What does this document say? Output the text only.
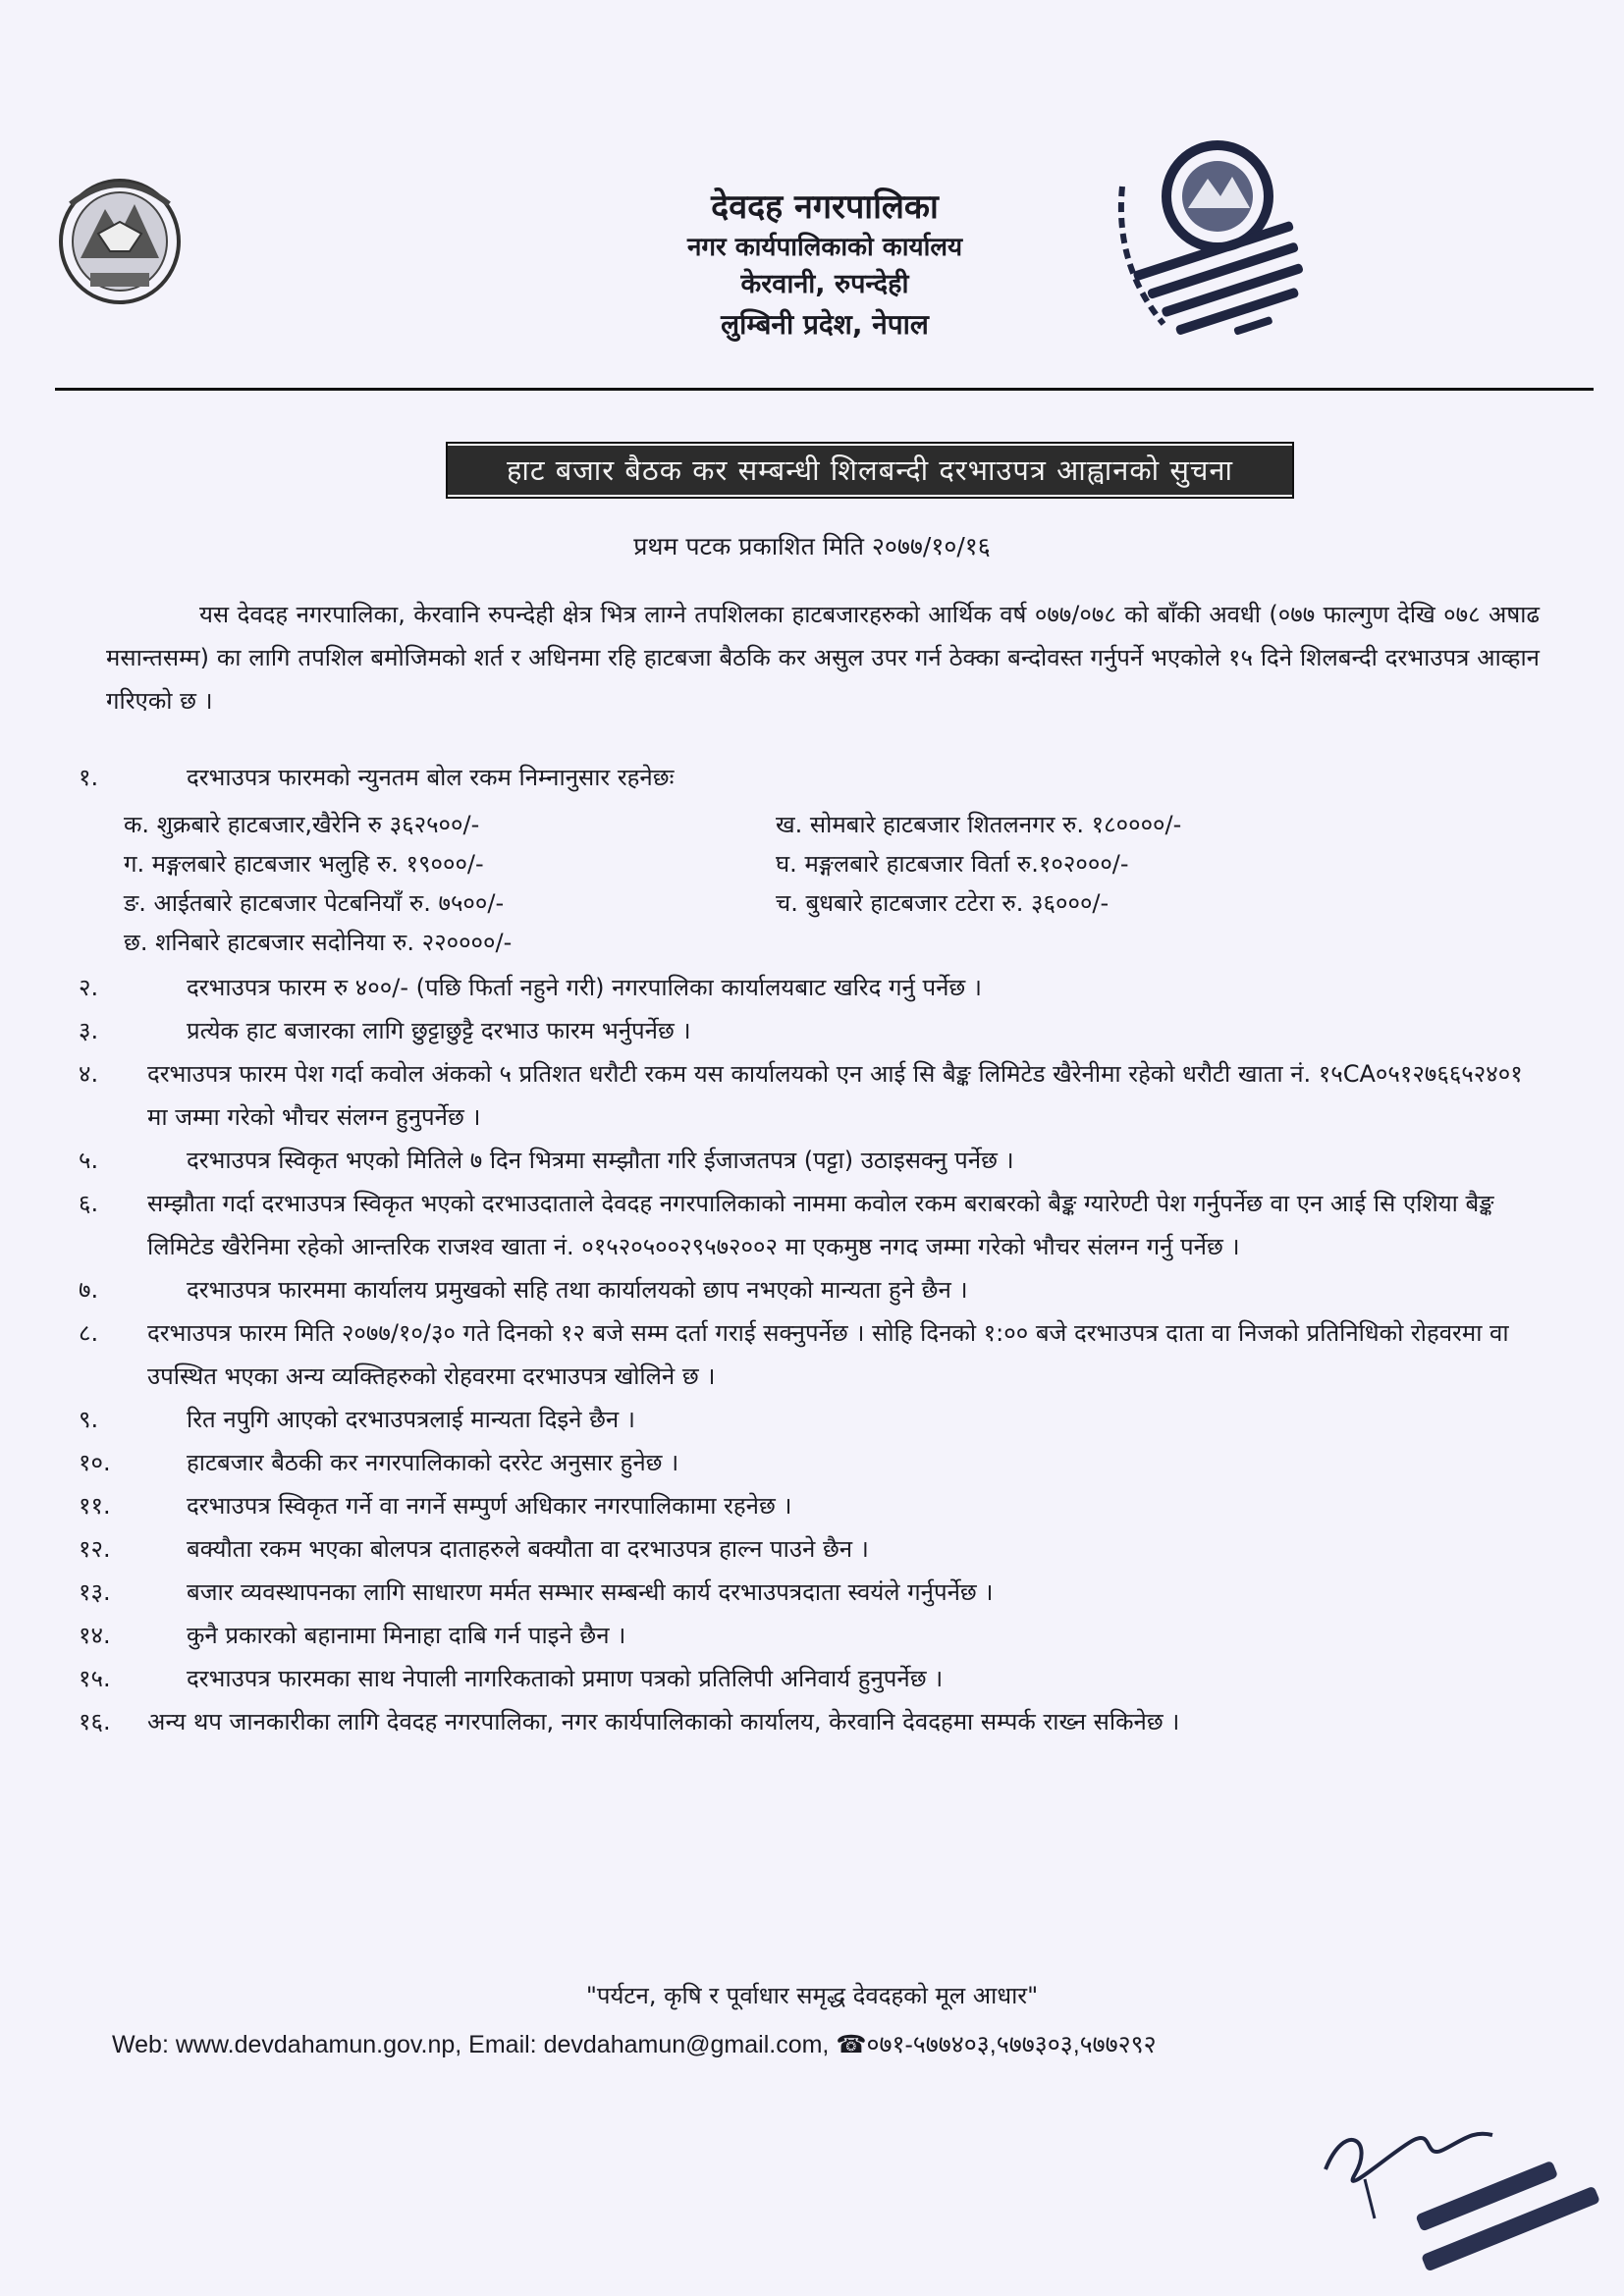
देवदह नगरपालिका
नगर कार्यपालिकाको कार्यालय
केरवानी, रुपन्देही
लुम्बिनी प्रदेश, नेपाल
हाट बजार बैठक कर सम्बन्धी शिलबन्दी दरभाउपत्र आह्वानको सुचना
प्रथम पटक प्रकाशित मिति २०७७/१०/१६
यस देवदह नगरपालिका, केरवानि रुपन्देही क्षेत्र भित्र लाग्ने तपशिलका हाटबजारहरुको आर्थिक वर्ष ०७७/०७८ को बाँकी अवधी (०७७ फाल्गुण देखि ०७८ अषाढ मसान्तसम्म) का लागि तपशिल बमोजिमको शर्त र अधिनमा रहि हाटबजा बैठकि कर असुल उपर गर्न ठेक्का बन्दोवस्त गर्नुपर्ने भएकोले १५ दिने शिलबन्दी दरभाउपत्र आव्हान गरिएको छ ।

१.	दरभाउपत्र फारमको न्युनतम बोल रकम निम्नानुसार रहनेछः

क. शुक्रबारे हाटबजार,खैरेनि रु ३६२५००/-	ख. सोमबारे हाटबजार शितलनगर रु. १८००००/-
ग. मङ्गलबारे हाटबजार भलुहि रु. १९०००/-	घ. मङ्गलबारे हाटबजार विर्ता रु.१०२०००/-
ङ. आईतबारे हाटबजार पेटबनियाँ रु. ७५००/-	च. बुधबारे हाटबजार टटेरा रु. ३६०००/-
छ. शनिबारे हाटबजार सदोनिया रु. २२००००/-

२.	दरभाउपत्र फारम रु ४००/- (पछि फिर्ता नहुने गरी) नगरपालिका कार्यालयबाट खरिद गर्नु पर्नेछ ।

३.	प्रत्येक हाट बजारका लागि छुट्टाछुट्टै दरभाउ फारम भर्नुपर्नेछ ।

४.	दरभाउपत्र फारम पेश गर्दा कवोल अंकको ५ प्रतिशत धरौटी रकम यस कार्यालयको एन आई सि बैङ्क लिमिटेड खैरेनीमा रहेको धरौटी खाता नं. १५CA०५१२७६६५२४०१ मा जम्मा गरेको भौचर संलग्न हुनुपर्नेछ ।

५.	दरभाउपत्र स्विकृत भएको मितिले ७ दिन भित्रमा सम्झौता गरि ईजाजतपत्र (पट्टा) उठाइसक्नु पर्नेछ ।

६.	सम्झौता गर्दा दरभाउपत्र स्विकृत भएको दरभाउदाताले देवदह नगरपालिकाको नाममा कवोल रकम बराबरको बैङ्क ग्यारेण्टी पेश गर्नुपर्नेछ वा एन आई सि एशिया बैङ्क लिमिटेड खैरेनिमा रहेको आन्तरिक राजश्व खाता नं. ०१५२०५००२९५७२००२ मा एकमुष्ठ नगद जम्मा गरेको भौचर संलग्न गर्नु पर्नेछ ।

७.	दरभाउपत्र फारममा कार्यालय प्रमुखको सहि तथा कार्यालयको छाप नभएको मान्यता हुने छैन ।

८.	दरभाउपत्र फारम मिति २०७७/१०/३० गते दिनको १२ बजे सम्म दर्ता गराई सक्नुपर्नेछ । सोहि दिनको १:०० बजे दरभाउपत्र दाता वा निजको प्रतिनिधिको रोहवरमा वा उपस्थित भएका अन्य व्यक्तिहरुको रोहवरमा दरभाउपत्र खोलिने छ ।

९.	रित नपुगि आएको दरभाउपत्रलाई मान्यता दिइने छैन ।

१०.	हाटबजार बैठकी कर नगरपालिकाको दररेट अनुसार हुनेछ ।

११.	दरभाउपत्र स्विकृत गर्ने वा नगर्ने सम्पुर्ण अधिकार नगरपालिकामा रहनेछ ।

१२.	बक्यौता रकम भएका बोलपत्र दाताहरुले बक्यौता वा दरभाउपत्र हाल्न पाउने छैन ।

१३.	बजार व्यवस्थापनका लागि साधारण मर्मत सम्भार सम्बन्धी कार्य दरभाउपत्रदाता स्वयंले गर्नुपर्नेछ ।

१४.	कुनै प्रकारको बहानामा मिनाहा दाबि गर्न पाइने छैन ।

१५.	दरभाउपत्र फारमका साथ नेपाली नागरिकताको प्रमाण पत्रको प्रतिलिपी अनिवार्य हुनुपर्नेछ ।

१६.	अन्य थप जानकारीका लागि देवदह नगरपालिका, नगर कार्यपालिकाको कार्यालय, केरवानि देवदहमा सम्पर्क राख्न सकिनेछ ।

"पर्यटन, कृषि र पूर्वाधार समृद्ध देवदहको मूल आधार"
Web: www.devdahamun.gov.np, Email: devdahamun@gmail.com, ☎०७१-५७७४०३,५७७३०३,५७७२९२
